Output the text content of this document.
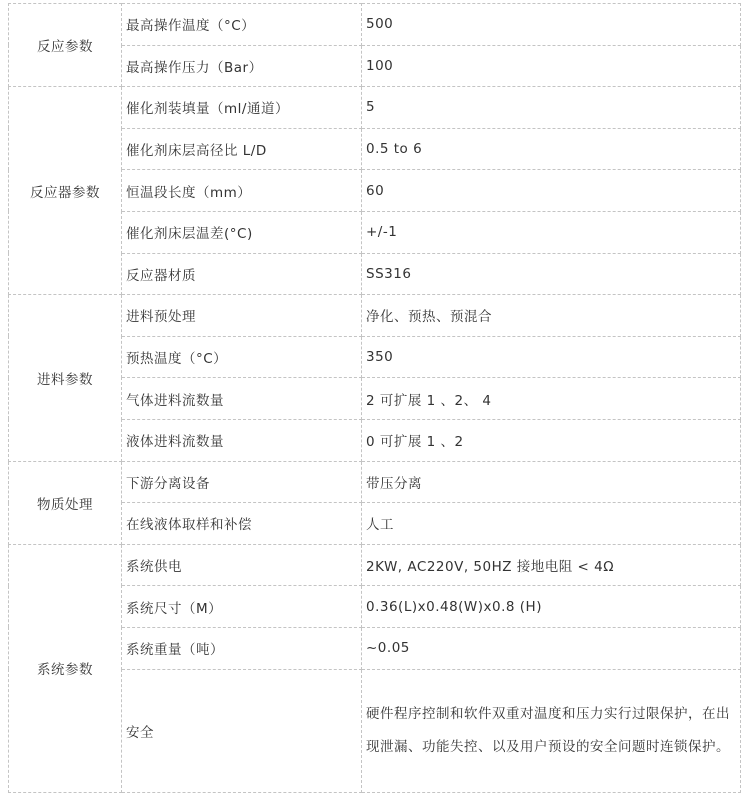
反应参数	最高操作温度（°C）	500
	最高操作压力（Bar）	100
反应器参数	催化剂装填量（ml/通道）	5
	催化剂床层高径比 L/D	0.5 to 6
	恒温段长度（mm）	60
	催化剂床层温差(°C)	+/-1
	反应器材质	SS316
进料参数	进料预处理	净化、预热、预混合
	预热温度（°C）	350
	气体进料流数量	2 可扩展 1 、2、 4
	液体进料流数量	0 可扩展 1 、2
物质处理	下游分离设备	带压分离
	在线液体取样和补偿	人工
系统参数	系统供电	2KW, AC220V, 50HZ 接地电阻 < 4Ω
	系统尺寸（M）	0.36(L)x0.48(W)x0.8 (H)
	系统重量（吨）	~0.05
	安全	硬件程序控制和软件双重对温度和压力实行过限保护，在出现泄漏、功能失控、以及用户预设的安全问题时连锁保护。
